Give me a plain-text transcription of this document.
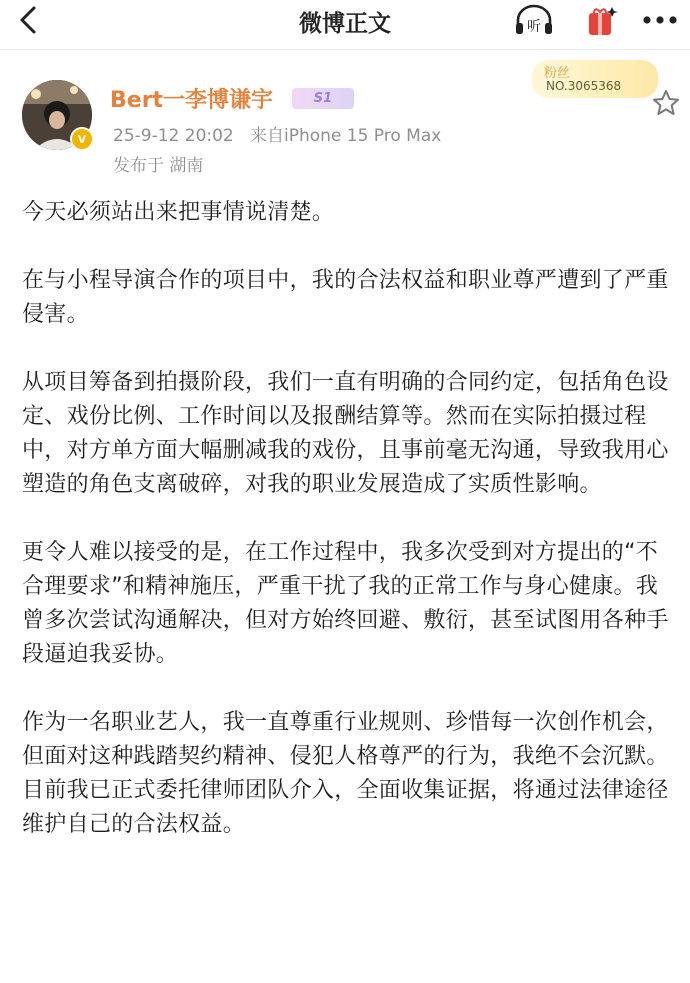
微博正文	听
V
Bert一李博谦宇	S1
25-9-12 20:02 来自iPhone 15 Pro Max
发布于 湖南
粉丝
NO.3065368

今天必须站出来把事情说清楚。

在与小程导演合作的项目中，我的合法权益和职业尊严遭到了严重侵害。

从项目筹备到拍摄阶段，我们一直有明确的合同约定，包括角色设定、戏份比例、工作时间以及报酬结算等。然而在实际拍摄过程中，对方单方面大幅删减我的戏份，且事前毫无沟通，导致我用心塑造的角色支离破碎，对我的职业发展造成了实质性影响。

更令人难以接受的是，在工作过程中，我多次受到对方提出的“不合理要求”和精神施压，严重干扰了我的正常工作与身心健康。我曾多次尝试沟通解决，但对方始终回避、敷衍，甚至试图用各种手段逼迫我妥协。

作为一名职业艺人，我一直尊重行业规则、珍惜每一次创作机会，但面对这种践踏契约精神、侵犯人格尊严的行为，我绝不会沉默。目前我已正式委托律师团队介入，全面收集证据，将通过法律途径维护自己的合法权益。
